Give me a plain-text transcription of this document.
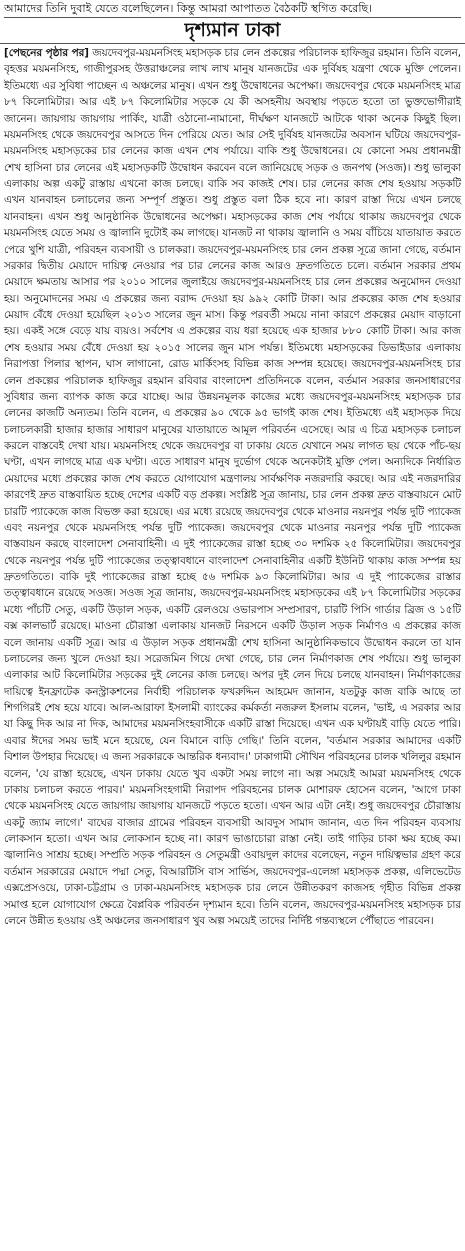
আমাদের তিনি দুবাই যেতে বলেছিলেন। কিন্তু আমরা আপাতত বৈঠকটি স্থগিত করেছি।
দৃশ্যমান ঢাকা

[পেছনের পৃষ্ঠার পর] জয়দেবপুর-ময়মনসিংহ মহাসড়ক চার লেন প্রকল্পের পরিচালক হাফিজুর রহমান। তিনি বলেন, বৃহত্তর ময়মনসিংহ, গাজীপুরসহ উত্তরাঞ্চলের লাখ লাখ মানুষ যানজটের এক দুর্বিষহ যন্ত্রণা থেকে মুক্তি পেলেন। ইতিমধ্যে এর সুবিধা পাচ্ছেন এ অঞ্চলের মানুষ। এখন শুধু উদ্বোধনের অপেক্ষা। জয়দেবপুর থেকে ময়মনসিংহ মাত্র ৮৭ কিলোমিটার। আর এই ৮৭ কিলোমিটার সড়কে যে কী অসহনীয় অবস্থায় পড়তে হতো তা ভুক্তভোগীরাই জানেন। জায়গায় জায়গায় পার্কিং, যাত্রী ওঠানো-নামানো, দীর্ঘক্ষণ যানজটে আটকে থাকা অনেক কিছুই ছিল। ময়মনসিংহ থেকে জয়দেবপুর আসতে দিন পেরিয়ে যেত। আর সেই দুর্বিষহ যানজটের অবসান ঘটিয়ে জয়দেবপুর-ময়মনসিংহ মহাসড়কের চার লেনের কাজ এখন শেষ পর্যায়ে। বাকি শুধু উদ্বোধনের। যে কোনো সময় প্রধানমন্ত্রী শেখ হাসিনা চার লেনের এই মহাসড়কটি উদ্বোধন করবেন বলে জানিয়েছে সড়ক ও জনপথ (সওজ)। শুধু ভালুকা এলাকায় অল্প একটু রাস্তায় এখনো কাজ চলছে। বাকি সব কাজই শেষ। চার লেনের কাজ শেষ হওয়ায় সড়কটি এখন যানবাহন চলাচলের জন্য সম্পূর্ণ প্রস্তুত। শুধু প্রস্তুত বলা ঠিক হবে না। কারণ রাস্তা দিয়ে এখন চলছে যানবাহন। এখন শুধু আনুষ্ঠানিক উদ্বোধনের অপেক্ষা। মহাসড়কের কাজ শেষ পর্যায়ে থাকায় জয়দেবপুর থেকে ময়মনসিংহ যেতে সময় ও জ্বালানি দুটোই কম লাগছে। যানজট না থাকায় জ্বালানি ও সময় বাঁচিয়ে যাতায়াত করতে পেরে খুশি যাত্রী, পরিবহন ব্যবসায়ী ও চালকরা। জয়দেবপুর-ময়মনসিংহ চার লেন প্রকল্প সূত্রে জানা গেছে, বর্তমান সরকার দ্বিতীয় মেয়াদে দায়িত্ব নেওয়ার পর চার লেনের কাজ আরও দ্রুতগতিতে চলে। বর্তমান সরকার প্রথম মেয়াদে ক্ষমতায় আসার পর ২০১০ সালের জুলাইয়ে জয়দেবপুর-ময়মনসিংহ চার লেন প্রকল্পের অনুমোদন দেওয়া হয়। অনুমোদনের সময় এ প্রকল্পের জন্য বরাদ্দ দেওয়া হয় ৯৯২ কোটি টাকা। আর প্রকল্পের কাজ শেষ হওয়ার মেয়াদ বেঁধে দেওয়া হয়েছিল ২০১৩ সালের জুন মাস। কিন্তু পরবর্তী সময়ে নানা কারণে প্রকল্পের মেয়াদ বাড়ানো হয়। একই সঙ্গে বেড়ে যায় ব্যয়ও। সর্বশেষ এ প্রকল্পের ব্যয় ধরা হয়েছে এক হাজার ৮৮০ কোটি টাকা। আর কাজ শেষ হওয়ার সময় বেঁধে দেওয়া হয় ২০১৫ সালের জুন মাস পর্যন্ত। ইতিমধ্যে মহাসড়কের ডিভাইডার এলাকায় নিরাপত্তা পিলার স্থাপন, ঘাস লাগানো, রোড মার্কিংসহ বিভিন্ন কাজ সম্পন্ন হয়েছে। জয়দেবপুর-ময়মনসিংহ চার লেন প্রকল্পের পরিচালক হাফিজুর রহমান রবিবার বাংলাদেশ প্রতিদিনকে বলেন, বর্তমান সরকার জনসাধারণের সুবিধার জন্য ব্যাপক কাজ করে যাচ্ছে। আর উন্নয়নমূলক কাজের মধ্যে জয়দেবপুর-ময়মনসিংহ মহাসড়ক চার লেনের কাজটি অন্যতম। তিনি বলেন, এ প্রকল্পের ৯০ থেকে ৯৫ ভাগই কাজ শেষ। ইতিমধ্যে এই মহাসড়ক দিয়ে চলাচলকারী হাজার হাজার সাধারণ মানুষের যাতায়াতে আমূল পরিবর্তন এসেছে। আর এ চিত্র মহাসড়ক চলাচল করলে বাস্তবেই দেখা যায়। ময়মনসিংহ থেকে জয়দেবপুর বা ঢাকায় যেতে যেখানে সময় লাগত ছয় থেকে পাঁচ-ছয় ঘণ্টা, এখন লাগছে মাত্র এক ঘণ্টা। এতে সাধারণ মানুষ দুর্ভোগ থেকে অনেকটাই মুক্তি পেল। অন্যদিকে নির্ধারিত মেয়াদের মধ্যে প্রকল্পের কাজ শেষ করতে যোগাযোগ মন্ত্রণালয় সার্বক্ষণিক নজরদারি করছে। আর এই নজরদারির কারণেই দ্রুত বাস্তবায়িত হচ্ছে দেশের একটি বড় প্রকল্প। সংশ্লিষ্ট সূত্র জানায়, চার লেন প্রকল্প দ্রুত বাস্তবায়নে মোট চারটি প্যাকেজে কাজ বিভক্ত করা হয়েছে। এর মধ্যে রয়েছে জয়দেবপুর থেকে মাওনার নয়নপুর পর্যন্ত দুটি প্যাকেজ এবং নয়নপুর থেকে ময়মনসিংহ পর্যন্ত দুটি প্যাকেজ। জয়দেবপুর থেকে মাওনার নয়নপুর পর্যন্ত দুটি প্যাকেজ বাস্তবায়ন করছে বাংলাদেশ সেনাবাহিনী। এ দুই প্যাকেজের রাস্তা হচ্ছে ৩০ দশমিক ২৫ কিলোমিটার। জয়দেবপুর থেকে নয়নপুর পর্যন্ত দুটি প্যাকেজের তত্ত্বাবধানে বাংলাদেশ সেনাবাহিনীর একটি ইউনিট থাকায় কাজ সম্পন্ন হয় দ্রুতগতিতে। বাকি দুই প্যাকেজের রাস্তা হচ্ছে ৫৬ দশমিক ৯৩ কিলোমিটার। আর এ দুই প্যাকেজের রাস্তার তত্ত্বাবধানে রয়েছে সওজ। সওজ সূত্র জানায়, জয়দেবপুর-ময়মনসিংহ মহাসড়কের এই ৮৭ কিলোমিটার সড়কের মধ্যে পাঁচটি সেতু, একটি উড়াল সড়ক, একটি রেলওয়ে ওভারপাস সম্প্রসারণ, চারটি পিসি গার্ডার ব্রিজ ও ১৫টি বক্স কালভার্ট রয়েছে। মাওনা চৌরাস্তা এলাকায় যানজট নিরসনে একটি উড়াল সড়ক নির্মাণও এ প্রকল্পের কাজ বলে জানায় একটি সূত্র। আর এ উড়াল সড়ক প্রধানমন্ত্রী শেখ হাসিনা আনুষ্ঠানিকভাবে উদ্বোধন করলে তা যান চলাচলের জন্য খুলে দেওয়া হয়। সরেজমিন গিয়ে দেখা গেছে, চার লেন নির্মাণকাজ শেষ পর্যায়ে। শুধু ভালুকা এলাকার আট কিলোমিটার সড়কের দুই লেনের কাজ চলছে। অপর দুই লেন দিয়ে চলছে যানবাহন। নির্মাণকাজের দায়িত্বে ইনফ্রাটেক কনস্ট্রাকশনের নির্বাহী পরিচালক ফখরুদ্দিন আহমেদ জানান, যতটুকু কাজ বাকি আছে তা শিগগিরই শেষ হয়ে যাবে। আল-আরাফা ইসলামী ব্যাংকের কর্মকর্তা নজরুল ইসলাম বলেন, 'ভাই, এ সরকার আর যা কিছু দিক আর না দিক, আমাদের ময়মনসিংহবাসীকে একটি রাস্তা দিয়েছে। এখন এক ঘণ্টায়ই বাড়ি যেতে পারি। এবার ঈদের সময় ভাই মনে হয়েছে, যেন বিমানে বাড়ি গেছি।' তিনি বলেন, 'বর্তমান সরকার আমাদের একটি বিশাল উপহার দিয়েছে। এ জন্য সরকারকে আন্তরিক ধন্যবাদ।' ঢাকাগামী সৌখিন পরিবহনের চালক খলিলুর রহমান বলেন, 'যে রাস্তা হয়েছে, এখন ঢাকায় যেতে খুব একটা সময় লাগে না। অল্প সময়েই আমরা ময়মনসিংহ থেকে ঢাকায় চলাচল করতে পারব।' ময়মনসিংহগামী নিরাপদ পরিবহনের চালক মোশারফ হোসেন বলেন, 'আগে ঢাকা থেকে ময়মনসিংহ যেতে জায়গায় জায়গায় যানজটে পড়তে হতো। এখন আর এটা নেই। শুধু জয়দেবপুর চৌরাস্তায় একটু জ্যাম লাগে।' বাঘের বাজার গ্রামের পরিবহন ব্যবসায়ী আবদুস সামাদ জানান, এত দিন পরিবহন ব্যবসায় লোকসান হতো। এখন আর লোকসান হচ্ছে না। কারণ ভাঙাচোরা রাস্তা নেই। তাই গাড়ির চাকা ক্ষয় হচ্ছে কম। জ্বালানিও সাশ্রয় হচ্ছে। সম্প্রতি সড়ক পরিবহন ও সেতুমন্ত্রী ওবায়দুল কাদের বলেছেন, নতুন দায়িত্বভার গ্রহণ করে বর্তমান সরকারের মেয়াদে পদ্মা সেতু, বিআরটিসি বাস সার্ভিস, জয়দেবপুর-এলেঙ্গা মহাসড়ক প্রকল্প, এলিভেটেড এক্সপ্রেসওয়ে, ঢাকা-চট্টগ্রাম ও ঢাকা-ময়মনসিংহ মহাসড়ক চার লেনে উন্নীতকরণ কাজসহ গৃহীত বিভিন্ন প্রকল্প সমাপ্ত হলে যোগাযোগ ক্ষেত্রে বৈপ্লবিক পরিবর্তন দৃশ্যমান হবে। তিনি বলেন, জয়দেবপুর-ময়মনসিংহ মহাসড়ক চার লেনে উন্নীত হওয়ায় ওই অঞ্চলের জনসাধারণ খুব অল্প সময়েই তাদের নির্দিষ্ট গন্তব্যস্থলে পৌঁছাতে পারবেন।
